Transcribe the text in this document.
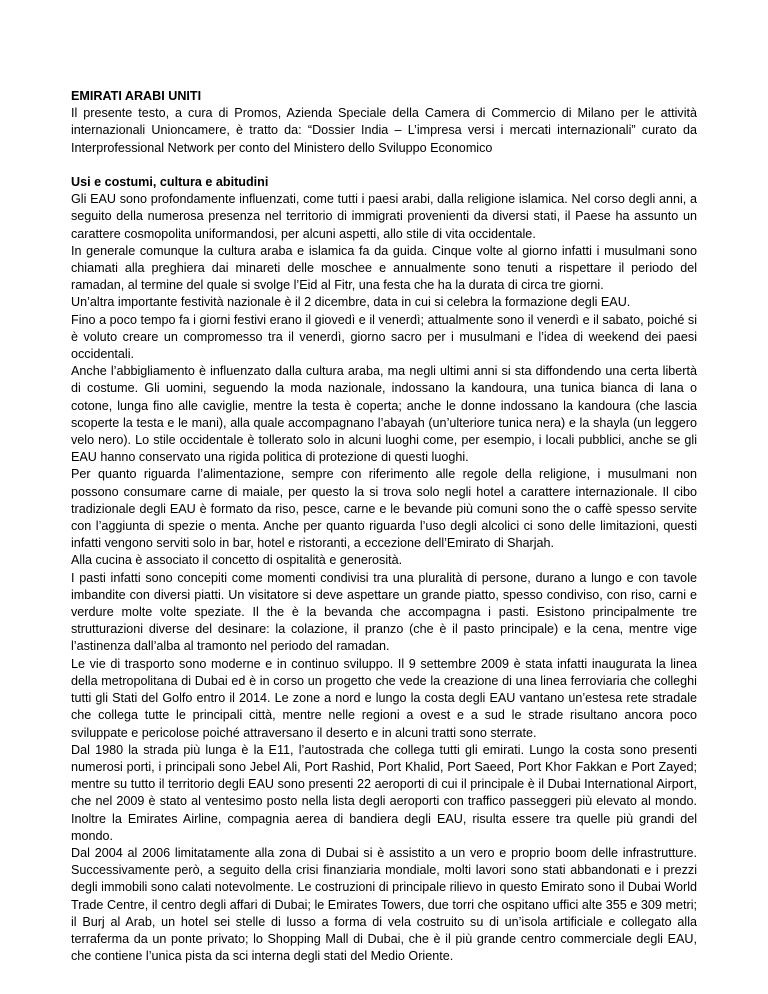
EMIRATI ARABI UNITI

Il presente testo, a cura di Promos, Azienda Speciale della Camera di Commercio di Milano per le attività internazionali Unioncamere, è tratto da: “Dossier India – L’impresa versi i mercati internazionali” curato da Interprofessional Network per conto del Ministero dello Sviluppo Economico

Usi e costumi, cultura e abitudini

Gli EAU sono profondamente influenzati, come tutti i paesi arabi, dalla religione islamica. Nel corso degli anni, a seguito della numerosa presenza nel territorio di immigrati provenienti da diversi stati, il Paese ha assunto un carattere cosmopolita uniformandosi, per alcuni aspetti, allo stile di vita occidentale.

In generale comunque la cultura araba e islamica fa da guida. Cinque volte al giorno infatti i musulmani sono chiamati alla preghiera dai minareti delle moschee e annualmente sono tenuti a rispettare il periodo del ramadan, al termine del quale si svolge l’Eid al Fitr, una festa che ha la durata di circa tre giorni.

Un’altra importante festività nazionale è il 2 dicembre, data in cui si celebra la formazione degli EAU.

Fino a poco tempo fa i giorni festivi erano il giovedì e il venerdì; attualmente sono il venerdì e il sabato, poiché si è voluto creare un compromesso tra il venerdì, giorno sacro per i musulmani e l’idea di weekend dei paesi occidentali.

Anche l’abbigliamento è influenzato dalla cultura araba, ma negli ultimi anni si sta diffondendo una certa libertà di costume. Gli uomini, seguendo la moda nazionale, indossano la kandoura, una tunica bianca di lana o cotone, lunga fino alle caviglie, mentre la testa è coperta; anche le donne indossano la kandoura (che lascia scoperte la testa e le mani), alla quale accompagnano l’abayah (un’ulteriore tunica nera) e la shayla (un leggero velo nero). Lo stile occidentale è tollerato solo in alcuni luoghi come, per esempio, i locali pubblici, anche se gli EAU hanno conservato una rigida politica di protezione di questi luoghi.

Per quanto riguarda l’alimentazione, sempre con riferimento alle regole della religione, i musulmani non possono consumare carne di maiale, per questo la si trova solo negli hotel a carattere internazionale. Il cibo tradizionale degli EAU è formato da riso, pesce, carne e le bevande più comuni sono the o caffè spesso servite con l’aggiunta di spezie o menta. Anche per quanto riguarda l’uso degli alcolici ci sono delle limitazioni, questi infatti vengono serviti solo in bar, hotel e ristoranti, a eccezione dell’Emirato di Sharjah.

Alla cucina è associato il concetto di ospitalità e generosità.

I pasti infatti sono concepiti come momenti condivisi tra una pluralità di persone, durano a lungo e con tavole imbandite con diversi piatti. Un visitatore si deve aspettare un grande piatto, spesso condiviso, con riso, carni e verdure molte volte speziate. Il the è la bevanda che accompagna i pasti. Esistono principalmente tre strutturazioni diverse del desinare: la colazione, il pranzo (che è il pasto principale) e la cena, mentre vige l’astinenza dall’alba al tramonto nel periodo del ramadan.

Le vie di trasporto sono moderne e in continuo sviluppo. Il 9 settembre 2009 è stata infatti inaugurata la linea della metropolitana di Dubai ed è in corso un progetto che vede la creazione di una linea ferroviaria che colleghi tutti gli Stati del Golfo entro il 2014. Le zone a nord e lungo la costa degli EAU vantano un’estesa rete stradale che collega tutte le principali città, mentre nelle regioni a ovest e a sud le strade risultano ancora poco sviluppate e pericolose poiché attraversano il deserto e in alcuni tratti sono sterrate.

Dal 1980 la strada più lunga è la E11, l’autostrada che collega tutti gli emirati. Lungo la costa sono presenti numerosi porti, i principali sono Jebel Ali, Port Rashid, Port Khalid, Port Saeed, Port Khor Fakkan e Port Zayed; mentre su tutto il territorio degli EAU sono presenti 22 aeroporti di cui il principale è il Dubai International Airport, che nel 2009 è stato al ventesimo posto nella lista degli aeroporti con traffico passeggeri più elevato al mondo. Inoltre la Emirates Airline, compagnia aerea di bandiera degli EAU, risulta essere tra quelle più grandi del mondo.

Dal 2004 al 2006 limitatamente alla zona di Dubai si è assistito a un vero e proprio boom delle infrastrutture. Successivamente però, a seguito della crisi finanziaria mondiale, molti lavori sono stati abbandonati e i prezzi degli immobili sono calati notevolmente. Le costruzioni di principale rilievo in questo Emirato sono il Dubai World Trade Centre, il centro degli affari di Dubai; le Emirates Towers, due torri che ospitano uffici alte 355 e 309 metri; il Burj al Arab, un hotel sei stelle di lusso a forma di vela costruito su di un’isola artificiale e collegato alla terraferma da un ponte privato; lo Shopping Mall di Dubai, che è il più grande centro commerciale degli EAU, che contiene l’unica pista da sci interna degli stati del Medio Oriente.
